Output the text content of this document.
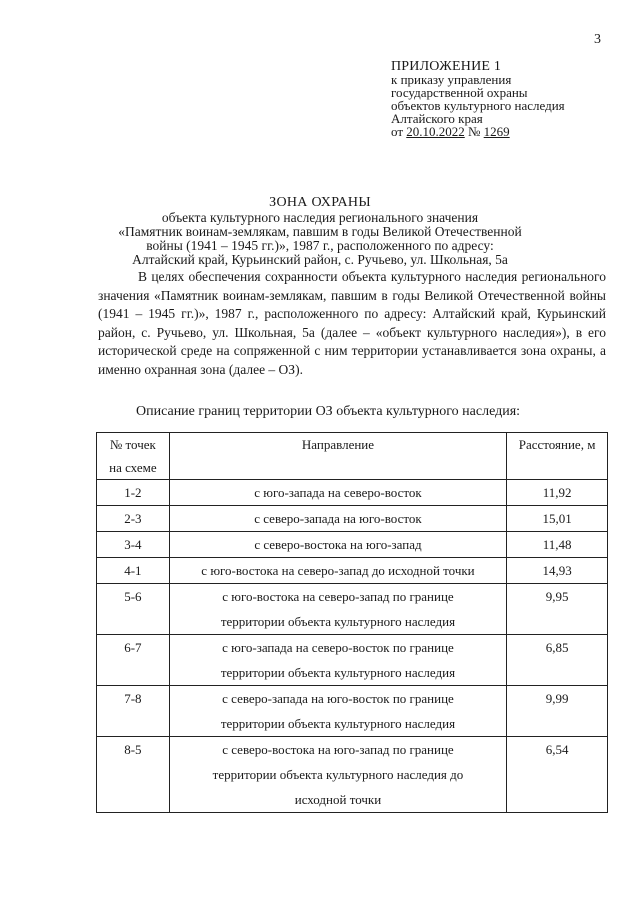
3
ПРИЛОЖЕНИЕ 1
к приказу управления
государственной охраны
объектов культурного наследия
Алтайского края
от 20.10.2022 № 1269
ЗОНА ОХРАНЫ
объекта культурного наследия регионального значения
«Памятник воинам-землякам, павшим в годы Великой Отечественной
войны (1941 – 1945 гг.)», 1987 г., расположенного по адресу:
Алтайский край, Курьинский район, с. Ручьево, ул. Школьная, 5а
В целях обеспечения сохранности объекта культурного наследия регионального значения «Памятник воинам-землякам, павшим в годы Великой Отечественной войны (1941 – 1945 гг.)», 1987 г., расположенного по адресу: Алтайский край, Курьинский район, с. Ручьево, ул. Школьная, 5а (далее – «объект культурного наследия»), в его исторической среде на сопряженной с ним территории устанавливается зона охраны, а именно охранная зона (далее – ОЗ).
Описание границ территории ОЗ объекта культурного наследия:
№ точек
на схеме	Направление	Расстояние, м

1-2	с юго-запада на северо-восток	11,92

2-3	с северо-запада на юго-восток	15,01

3-4	с северо-востока на юго-запад	11,48

4-1	с юго-востока на северо-запад до исходной точки	14,93

5-6	с юго-востока на северо-запад по границе
территории объекта культурного наследия	9,95

6-7	с юго-запада на северо-восток по границе
территории объекта культурного наследия	6,85

7-8	с северо-запада на юго-восток по границе
территории объекта культурного наследия	9,99

8-5	с северо-востока на юго-запад по границе
территории объекта культурного наследия до
исходной точки	6,54
